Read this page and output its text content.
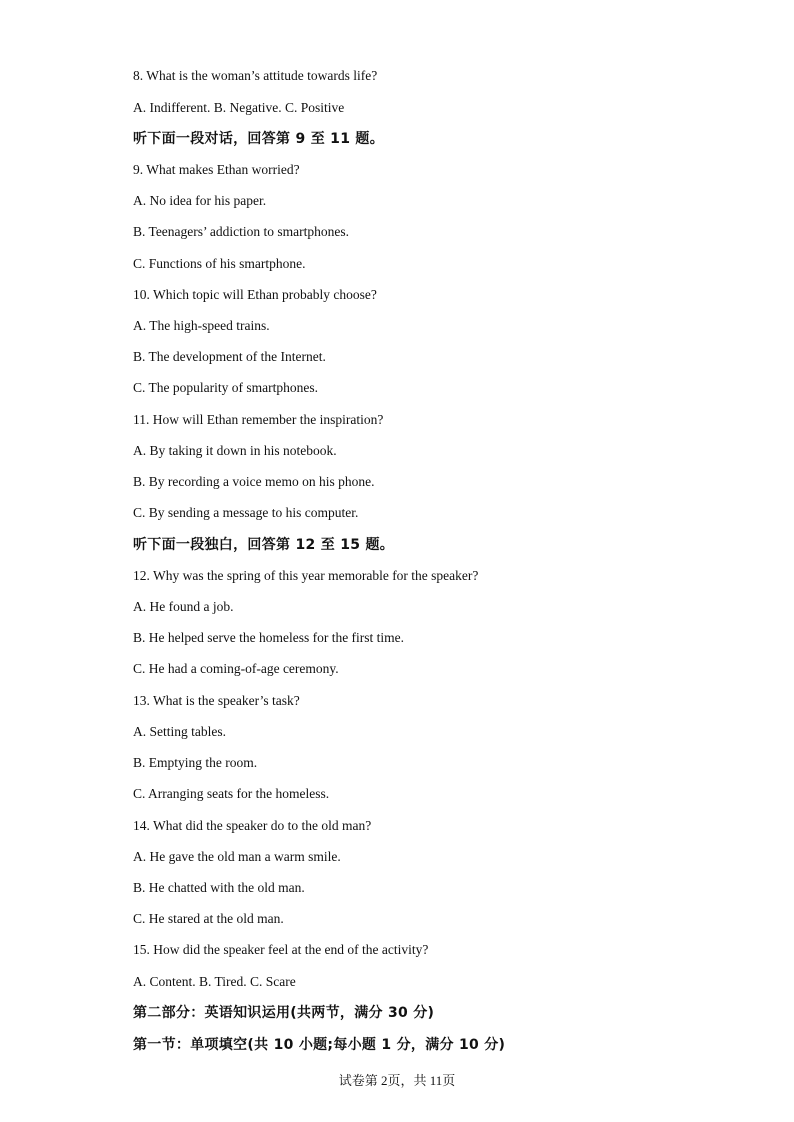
8. What is the woman’s attitude towards life?
A. Indifferent. B. Negative. C. Positive
听下面一段对话，回答第 9 至 11 题。
9. What makes Ethan worried?
A. No idea for his paper.
B. Teenagers’ addiction to smartphones.
C. Functions of his smartphone.
10. Which topic will Ethan probably choose?
A. The high-speed trains.
B. The development of the Internet.
C. The popularity of smartphones.
11. How will Ethan remember the inspiration?
A. By taking it down in his notebook.
B. By recording a voice memo on his phone.
C. By sending a message to his computer.
听下面一段独白，回答第 12 至 15 题。
12. Why was the spring of this year memorable for the speaker?
A. He found a job.
B. He helped serve the homeless for the first time.
C. He had a coming-of-age ceremony.
13. What is the speaker’s task?
A. Setting tables.
B. Emptying the room.
C. Arranging seats for the homeless.
14. What did the speaker do to the old man?
A. He gave the old man a warm smile.
B. He chatted with the old man.
C. He stared at the old man.
15. How did the speaker feel at the end of the activity?
A. Content. B. Tired. C. Scare
第二部分：英语知识运用(共两节，满分 30 分)
第一节：单项填空(共 10 小题;每小题 1 分，满分 10 分)
试卷第 2页，共 11页
